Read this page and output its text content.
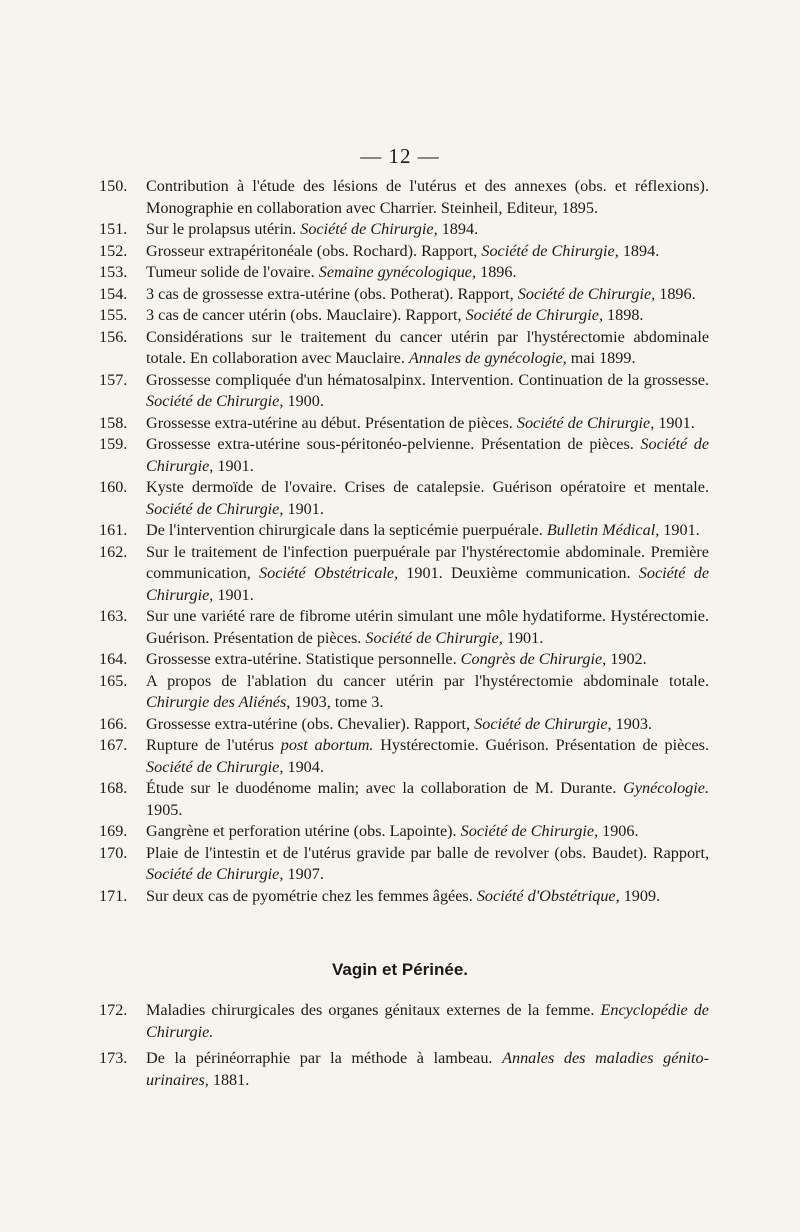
— 12 —
150. Contribution à l'étude des lésions de l'utérus et des annexes (obs. et réflexions). Monographie en collaboration avec Charrier. Steinheil, Editeur, 1895.
151. Sur le prolapsus utérin. Société de Chirurgie, 1894.
152. Grosseur extrapéritonéale (obs. Rochard). Rapport, Société de Chirurgie, 1894.
153. Tumeur solide de l'ovaire. Semaine gynécologique, 1896.
154. 3 cas de grossesse extra-utérine (obs. Potherat). Rapport, Société de Chirurgie, 1896.
155. 3 cas de cancer utérin (obs. Mauclaire). Rapport, Société de Chirurgie, 1898.
156. Considérations sur le traitement du cancer utérin par l'hystérectomie abdominale totale. En collaboration avec Mauclaire. Annales de gynécologie, mai 1899.
157. Grossesse compliquée d'un hématosalpinx. Intervention. Continuation de la grossesse. Société de Chirurgie, 1900.
158. Grossesse extra-utérine au début. Présentation de pièces. Société de Chirurgie, 1901.
159. Grossesse extra-utérine sous-péritonéo-pelvienne. Présentation de pièces. Société de Chirurgie, 1901.
160. Kyste dermoïde de l'ovaire. Crises de catalepsie. Guérison opératoire et mentale. Société de Chirurgie, 1901.
161. De l'intervention chirurgicale dans la septicémie puerpuérale. Bulletin Médical, 1901.
162. Sur le traitement de l'infection puerpuérale par l'hystérectomie abdominale. Première communication, Société Obstétricale, 1901. Deuxième communication. Société de Chirurgie, 1901.
163. Sur une variété rare de fibrome utérin simulant une môle hydatiforme. Hystérectomie. Guérison. Présentation de pièces. Société de Chirurgie, 1901.
164. Grossesse extra-utérine. Statistique personnelle. Congrès de Chirurgie, 1902.
165. A propos de l'ablation du cancer utérin par l'hystérectomie abdominale totale. Chirurgie des Aliénés, 1903, tome 3.
166. Grossesse extra-utérine (obs. Chevalier). Rapport, Société de Chirurgie, 1903.
167. Rupture de l'utérus post abortum. Hystérectomie. Guérison. Présentation de pièces. Société de Chirurgie, 1904.
168. Étude sur le duodénome malin; avec la collaboration de M. Durante. Gynécologie. 1905.
169. Gangrène et perforation utérine (obs. Lapointe). Société de Chirurgie, 1906.
170. Plaie de l'intestin et de l'utérus gravide par balle de revolver (obs. Baudet). Rapport, Société de Chirurgie, 1907.
171. Sur deux cas de pyométrie chez les femmes âgées. Société d'Obstétrique, 1909.
Vagin et Périnée.
172. Maladies chirurgicales des organes génitaux externes de la femme. Encyclopédie de Chirurgie.
173. De la périnéorraphie par la méthode à lambeau. Annales des maladies génito-urinaires, 1881.
